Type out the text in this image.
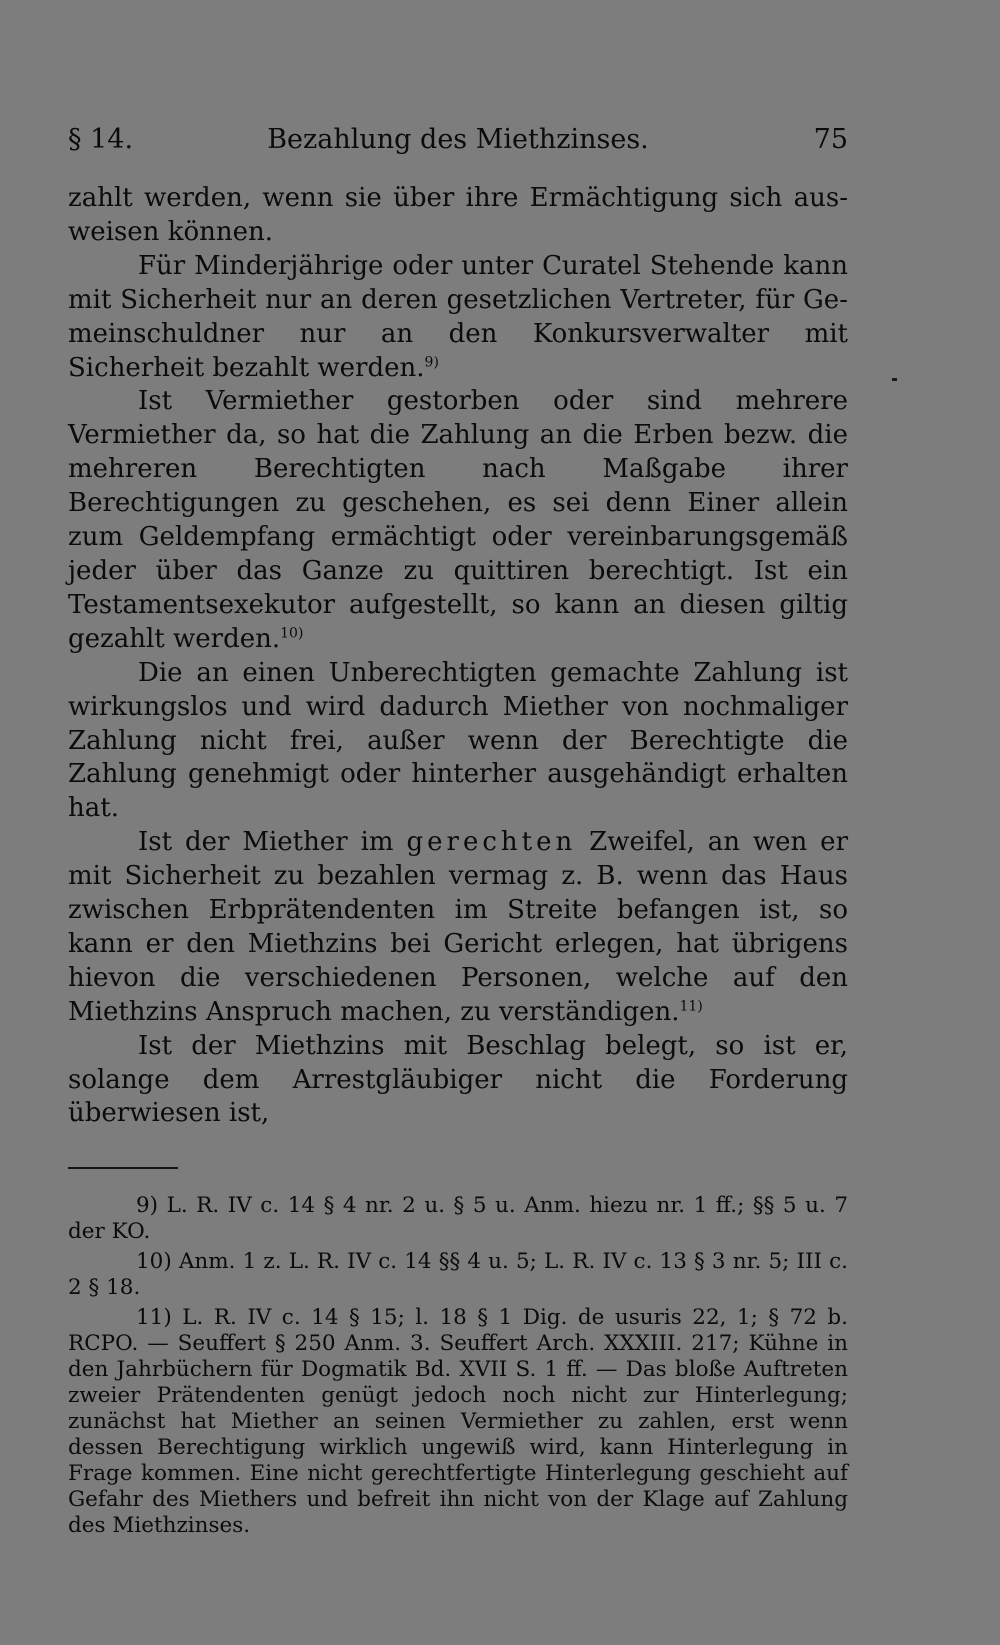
§ 14.	Bezahlung des Miethzinses.	75

zahlt werden, wenn sie über ihre Ermächtigung sich ausweisen können.

Für Minderjährige oder unter Curatel Stehende kann mit Sicherheit nur an deren gesetzlichen Vertreter, für Gemeinschuldner nur an den Konkursverwalter mit Sicherheit bezahlt werden.$^{9)}$

Ist Vermiether gestorben oder sind mehrere Vermiether da, so hat die Zahlung an die Erben bezw. die mehreren Berechtigten nach Maßgabe ihrer Berechtigungen zu geschehen, es sei denn Einer allein zum Geldempfang ermächtigt oder vereinbarungsgemäß jeder über das Ganze zu quittiren berechtigt. Ist ein Testamentsexekutor aufgestellt, so kann an diesen giltig gezahlt werden.$^{10)}$

Die an einen Unberechtigten gemachte Zahlung ist wirkungslos und wird dadurch Miether von nochmaliger Zahlung nicht frei, außer wenn der Berechtigte die Zahlung genehmigt oder hinterher ausgehändigt erhalten hat.

Ist der Miether im gerechten Zweifel, an wen er mit Sicherheit zu bezahlen vermag z. B. wenn das Haus zwischen Erbprätendenten im Streite befangen ist, so kann er den Miethzins bei Gericht erlegen, hat übrigens hievon die verschiedenen Personen, welche auf den Miethzins Anspruch machen, zu verständigen.$^{11)}$

Ist der Miethzins mit Beschlag belegt, so ist er, solange dem Arrestgläubiger nicht die Forderung überwiesen ist,

9) L. R. IV c. 14 § 4 nr. 2 u. § 5 u. Anm. hiezu nr. 1 ff.; §§ 5 u. 7 der KO.

10) Anm. 1 z. L. R. IV c. 14 §§ 4 u. 5; L. R. IV c. 13 § 3 nr. 5; III c. 2 § 18.

11) L. R. IV c. 14 § 15; l. 18 § 1 Dig. de usuris 22, 1; § 72 b. RCPO. — Seuffert § 250 Anm. 3. Seuffert Arch. XXXIII. 217; Kühne in den Jahrbüchern für Dogmatik Bd. XVII S. 1 ff. — Das bloße Auftreten zweier Prätendenten genügt jedoch noch nicht zur Hinterlegung; zunächst hat Miether an seinen Vermiether zu zahlen, erst wenn dessen Berechtigung wirklich ungewiß wird, kann Hinterlegung in Frage kommen. Eine nicht gerechtfertigte Hinterlegung geschieht auf Gefahr des Miethers und befreit ihn nicht von der Klage auf Zahlung des Miethzinses.
